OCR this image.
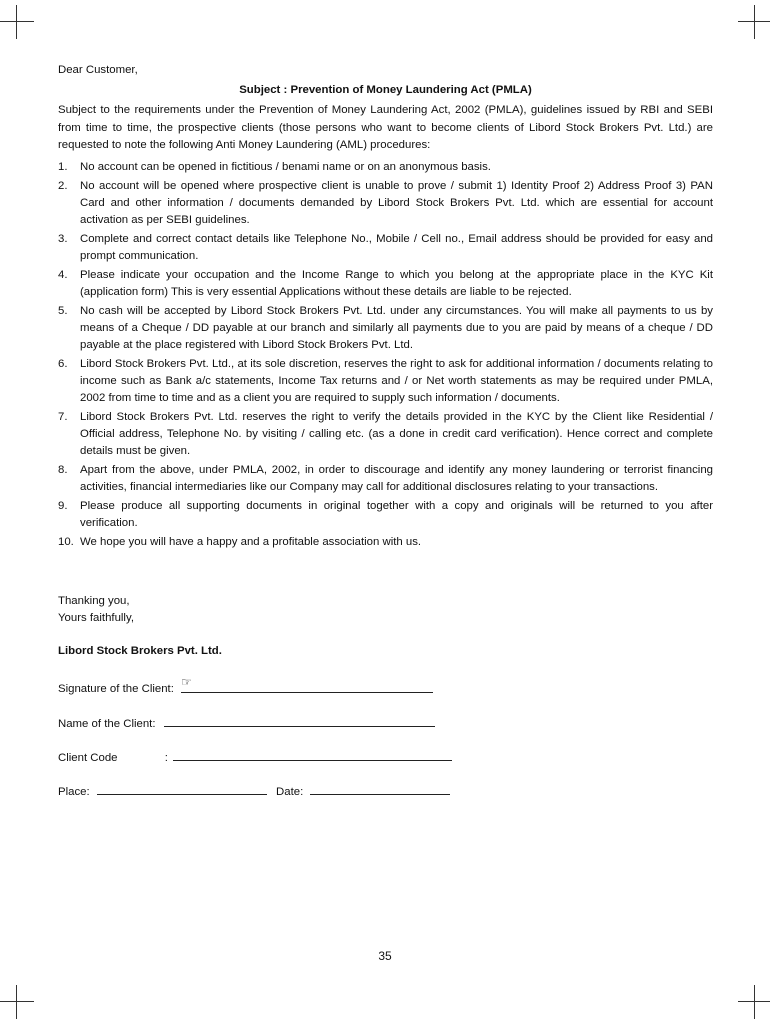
Dear Customer,

Subject : Prevention of Money Laundering Act (PMLA)

Subject to the requirements under the Prevention of Money Laundering Act, 2002 (PMLA), guidelines issued by RBI and SEBI from time to time, the prospective clients (those persons who want to become clients of Libord Stock Brokers Pvt. Ltd.) are requested to note the following Anti Money Laundering (AML) procedures:

1. No account can be opened in fictitious / benami name or on an anonymous basis.
2. No account will be opened where prospective client is unable to prove / submit 1) Identity Proof 2) Address Proof 3) PAN Card and other information / documents demanded by Libord Stock Brokers Pvt. Ltd. which are essential for account activation as per SEBI guidelines.
3. Complete and correct contact details like Telephone No., Mobile / Cell no., Email address should be provided for easy and prompt communication.
4. Please indicate your occupation and the Income Range to which you belong at the appropriate place in the KYC Kit (application form) This is very essential Applications without these details are liable to be rejected.
5. No cash will be accepted by Libord Stock Brokers Pvt. Ltd. under any circumstances. You will make all payments to us by means of a Cheque / DD payable at our branch and similarly all payments due to you are paid by means of a cheque / DD payable at the place registered with Libord Stock Brokers Pvt. Ltd.
6. Libord Stock Brokers Pvt. Ltd., at its sole discretion, reserves the right to ask for additional information / documents relating to income such as Bank a/c statements, Income Tax returns and / or Net worth statements as may be required under PMLA, 2002 from time to time and as a client you are required to supply such information / documents.
7. Libord Stock Brokers Pvt. Ltd. reserves the right to verify the details provided in the KYC by the Client like Residential / Official address, Telephone No. by visiting / calling etc. (as a done in credit card verification). Hence correct and complete details must be given.
8. Apart from the above, under PMLA, 2002, in order to discourage and identify any money laundering or terrorist financing activities, financial intermediaries like our Company may call for additional disclosures relating to your transactions.
9. Please produce all supporting documents in original together with a copy and originals will be returned to you after verification.
10. We hope you will have a happy and a profitable association with us.

Thanking you,

Yours faithfully,

Libord Stock Brokers Pvt. Ltd.

Signature of the Client: ☞
Name of the Client:
Client Code	:
Place:	Date:
35
